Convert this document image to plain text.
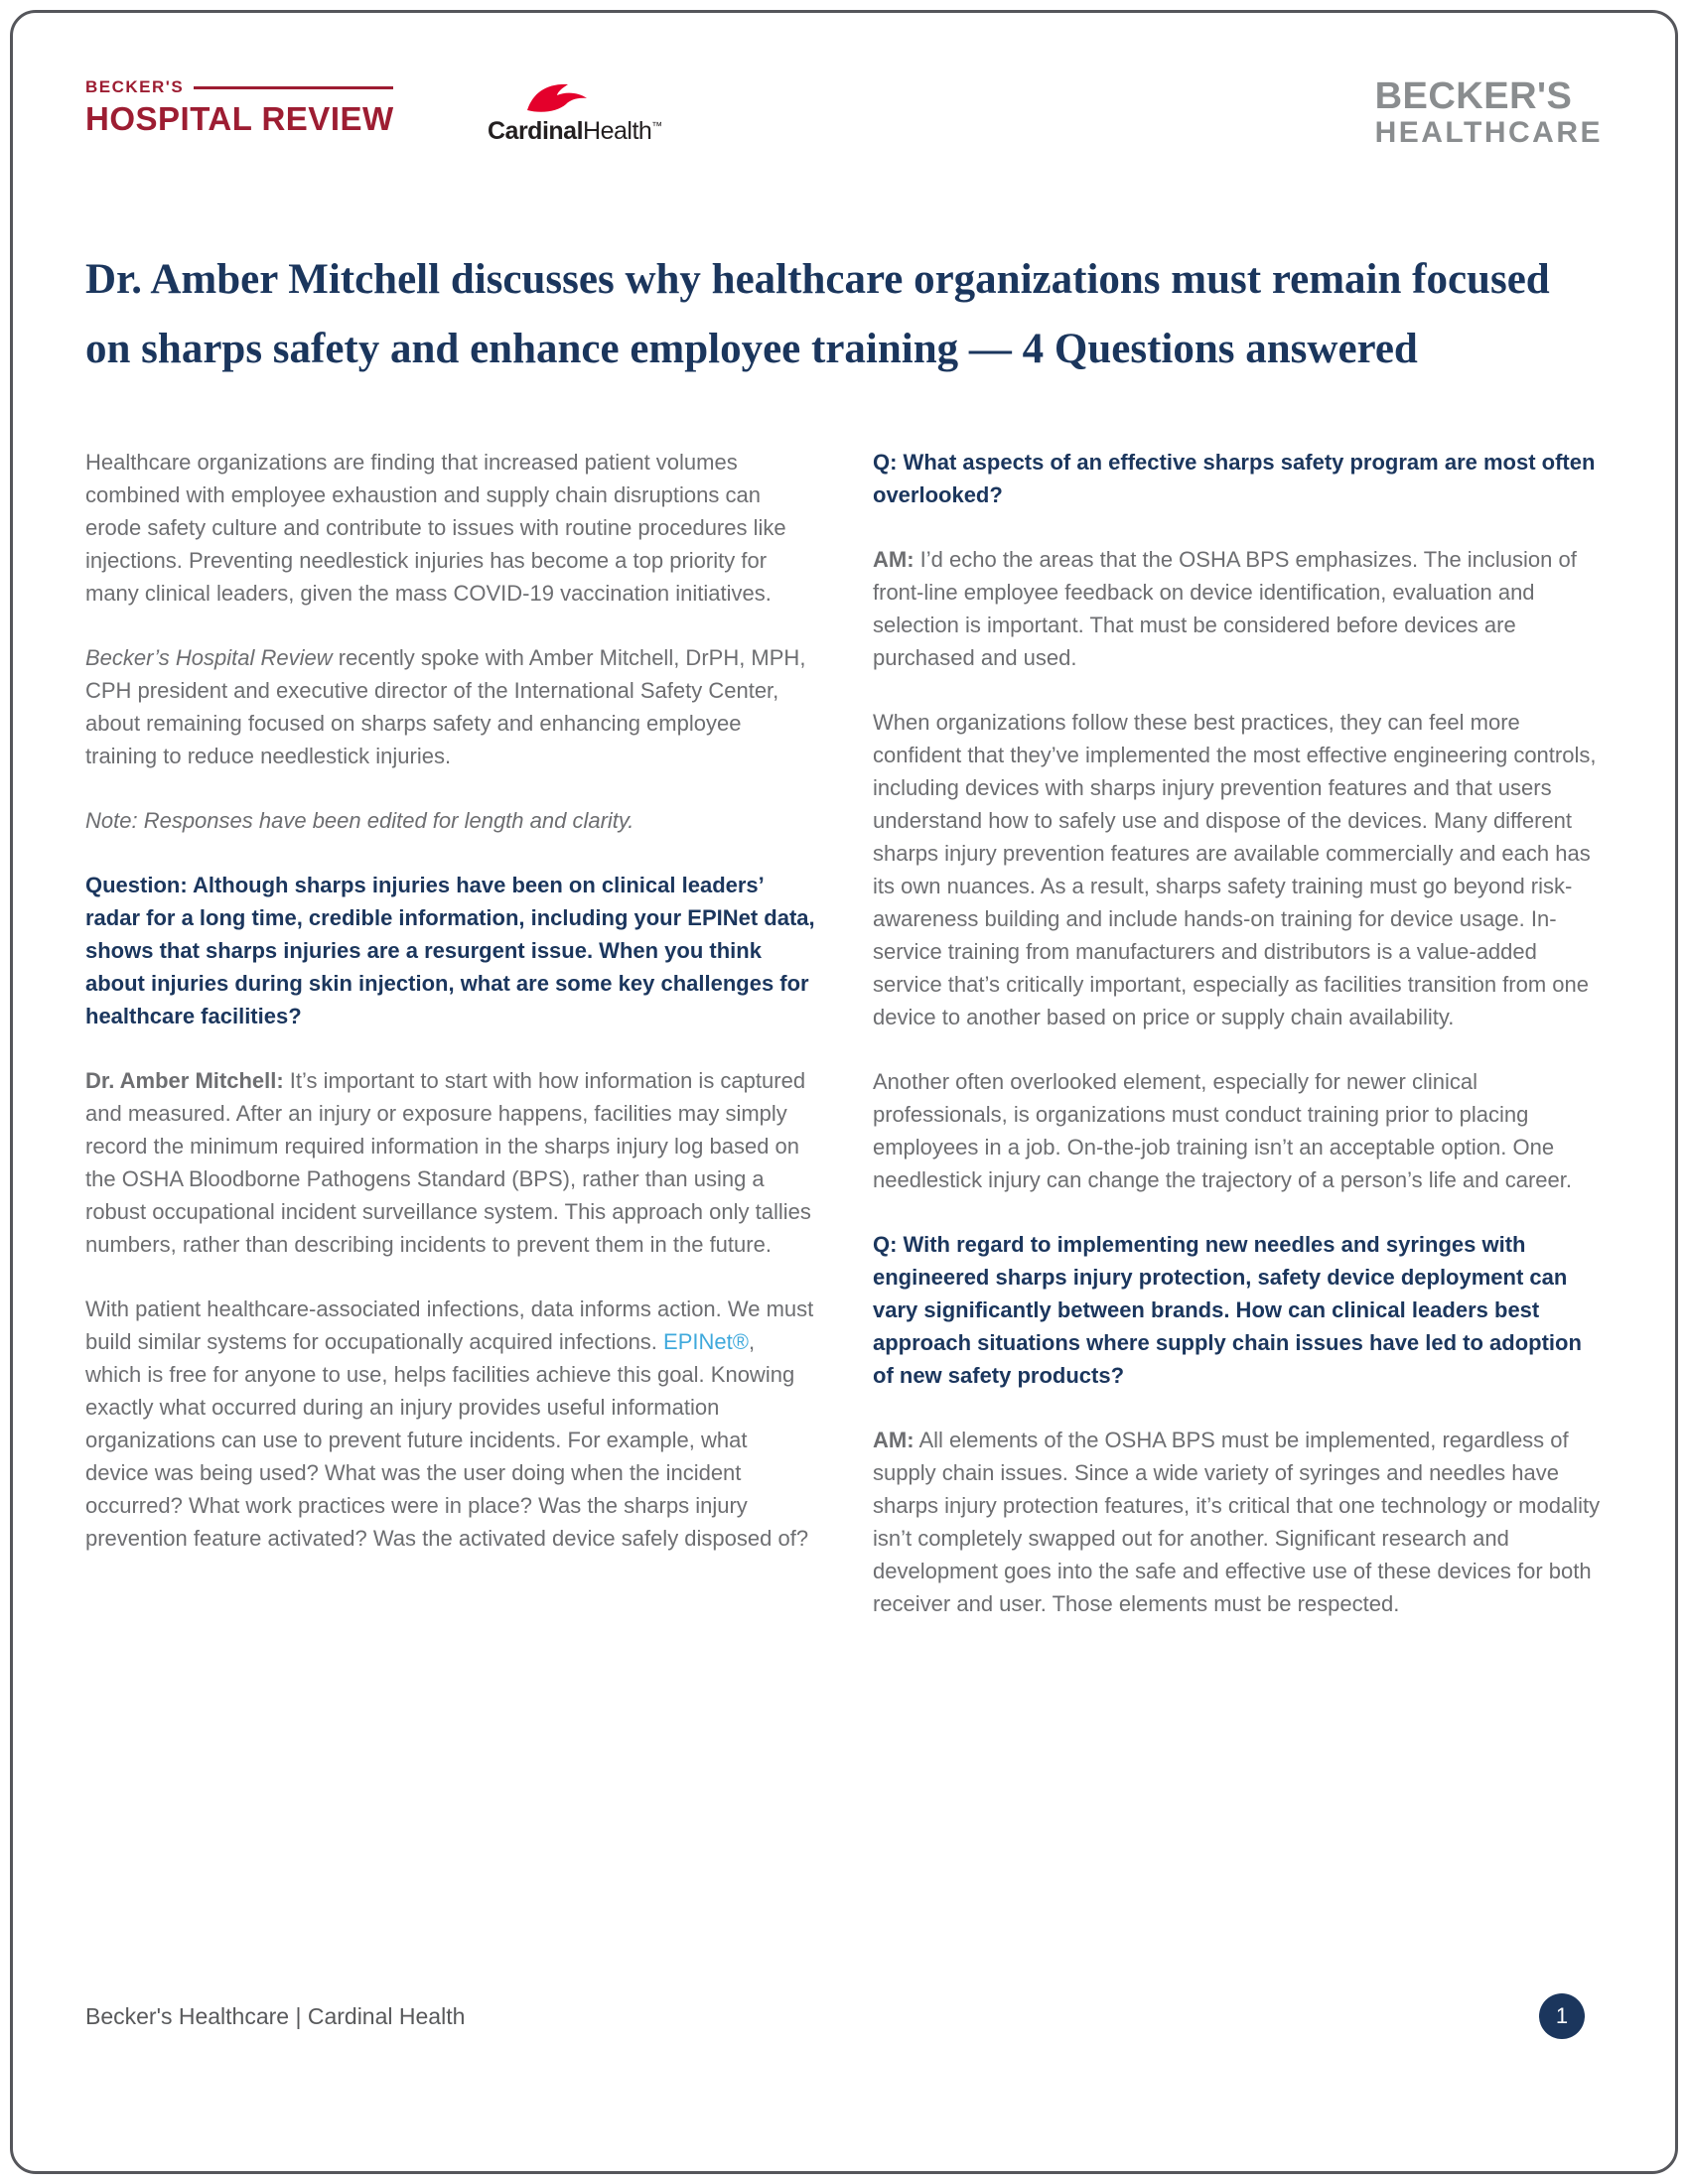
BECKER'S
HOSPITAL REVIEW	CardinalHealth™
BECKER'S
HEALTHCARE
Dr. Amber Mitchell discusses why healthcare organizations must remain focused on sharps safety and enhance employee training — 4 Questions answered

Healthcare organizations are finding that increased patient volumes combined with employee exhaustion and supply chain disruptions can erode safety culture and contribute to issues with routine procedures like injections. Preventing needlestick injuries has become a top priority for many clinical leaders, given the mass COVID-19 vaccination initiatives.

Becker’s Hospital Review recently spoke with Amber Mitchell, DrPH, MPH, CPH president and executive director of the International Safety Center, about remaining focused on sharps safety and enhancing employee training to reduce needlestick injuries.

Note: Responses have been edited for length and clarity.

Question: Although sharps injuries have been on clinical leaders’ radar for a long time, credible information, including your EPINet data, shows that sharps injuries are a resurgent issue. When you think about injuries during skin injection, what are some key challenges for healthcare facilities?

Dr. Amber Mitchell: It’s important to start with how information is captured and measured. After an injury or exposure happens, facilities may simply record the minimum required information in the sharps injury log based on the OSHA Bloodborne Pathogens Standard (BPS), rather than using a robust occupational incident surveillance system. This approach only tallies numbers, rather than describing incidents to prevent them in the future.

With patient healthcare-associated infections, data informs action. We must build similar systems for occupationally acquired infections. EPINet®, which is free for anyone to use, helps facilities achieve this goal. Knowing exactly what occurred during an injury provides useful information organizations can use to prevent future incidents. For example, what device was being used? What was the user doing when the incident occurred? What work practices were in place? Was the sharps injury prevention feature activated? Was the activated device safely disposed of?

Q: What aspects of an effective sharps safety program are most often overlooked?

AM: I’d echo the areas that the OSHA BPS emphasizes. The inclusion of front-line employee feedback on device identification, evaluation and selection is important. That must be considered before devices are purchased and used.

When organizations follow these best practices, they can feel more confident that they’ve implemented the most effective engineering controls, including devices with sharps injury prevention features and that users understand how to safely use and dispose of the devices. Many different sharps injury prevention features are available commercially and each has its own nuances. As a result, sharps safety training must go beyond risk-awareness building and include hands-on training for device usage. In-service training from manufacturers and distributors is a value-added service that’s critically important, especially as facilities transition from one device to another based on price or supply chain availability.

Another often overlooked element, especially for newer clinical professionals, is organizations must conduct training prior to placing employees in a job. On-the-job training isn’t an acceptable option. One needlestick injury can change the trajectory of a person’s life and career.

Q: With regard to implementing new needles and syringes with engineered sharps injury protection, safety device deployment can vary significantly between brands. How can clinical leaders best approach situations where supply chain issues have led to adoption of new safety products?

AM: All elements of the OSHA BPS must be implemented, regardless of supply chain issues. Since a wide variety of syringes and needles have sharps injury protection features, it’s critical that one technology or modality isn’t completely swapped out for another. Significant research and development goes into the safe and effective use of these devices for both receiver and user. Those elements must be respected.

Becker's Healthcare | Cardinal Health	1
